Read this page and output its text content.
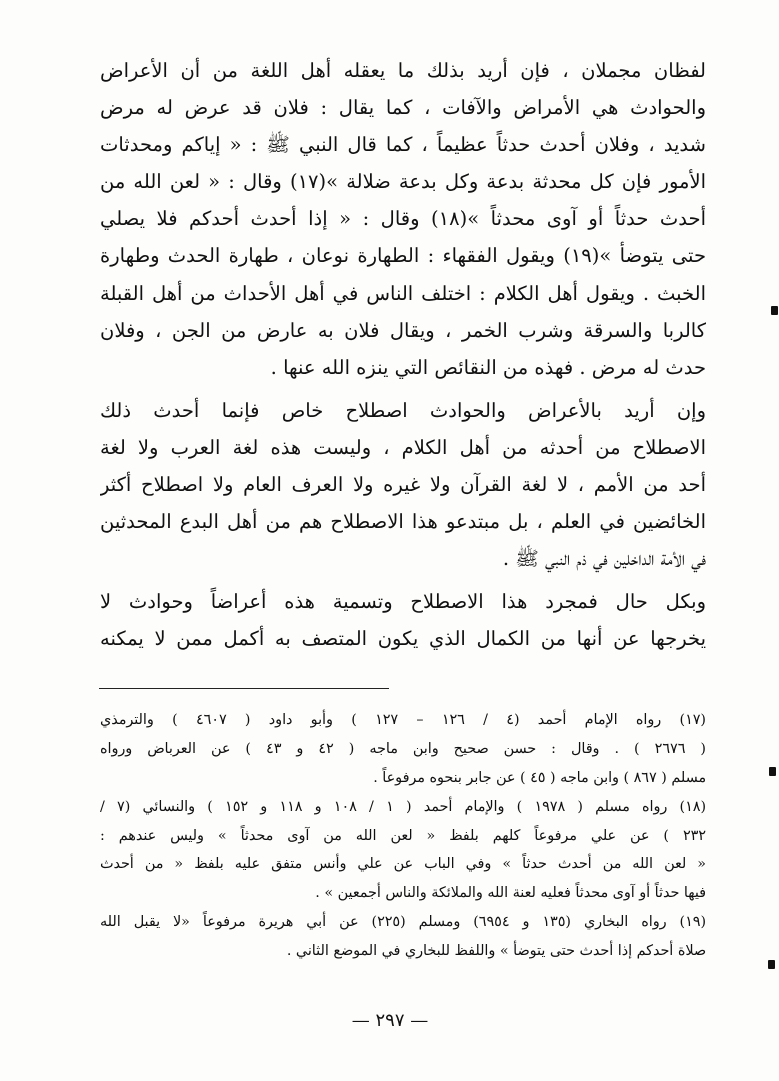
لفظان مجملان ، فإن أريد بذلك ما يعقله أهل اللغة من أن الأعراض
والحوادث هي الأمراض والآفات ، كما يقال : فلان قد عرض له مرض
شديد ، وفلان أحدث حدثاً عظيماً ، كما قال النبي ﷺ : « إياكم ومحدثات
الأمور فإن كل محدثة بدعة وكل بدعة ضلالة »(١٧) وقال : « لعن الله من
أحدث حدثاً أو آوى محدثاً »(١٨) وقال : « إذا أحدث أحدكم فلا يصلي
حتى يتوضأ »(١٩) ويقول الفقهاء : الطهارة نوعان ، طهارة الحدث وطهارة
الخبث . ويقول أهل الكلام : اختلف الناس في أهل الأحداث من أهل القبلة
كالربا والسرقة وشرب الخمر ، ويقال فلان به عارض من الجن ، وفلان
حدث له مرض . فهذه من النقائص التي ينزه الله عنها .
وإن أريد بالأعراض والحوادث اصطلاح خاص فإنما أحدث ذلك
الاصطلاح من أحدثه من أهل الكلام ، وليست هذه لغة العرب ولا لغة
أحد من الأمم ، لا لغة القرآن ولا غيره ولا العرف العام ولا اصطلاح أكثر
الخائضين في العلم ، بل مبتدعو هذا الاصطلاح هم من أهل البدع المحدثين
في الأمة الداخلين في ذم النبي ﷺ .
وبكل حال فمجرد هذا الاصطلاح وتسمية هذه أعراضاً وحوادث لا
يخرجها عن أنها من الكمال الذي يكون المتصف به أكمل ممن لا يمكنه
(١٧) رواه الإمام أحمد (٤ / ١٢٦ – ١٢٧ ) وأبو داود ( ٤٦٠٧ ) والترمذي
( ٢٦٧٦ ) . وقال : حسن صحيح وابن ماجه ( ٤٢ و ٤٣ ) عن العرباض ورواه
مسلم ( ٨٦٧ ) وابن ماجه ( ٤٥ ) عن جابر بنحوه مرفوعاً .
(١٨) رواه مسلم ( ١٩٧٨ ) والإمام أحمد ( ١ / ١٠٨ و ١١٨ و ١٥٢ ) والنسائي (٧ /
٢٣٢ ) عن علي مرفوعاً كلهم بلفظ « لعن الله من آوى محدثاً » وليس عندهم :
« لعن الله من أحدث حدثاً » وفي الباب عن علي وأنس متفق عليه بلفظ « من أحدث
فيها حدثاً أو آوى محدثاً فعليه لعنة الله والملائكة والناس أجمعين » .
(١٩) رواه البخاري (١٣٥ و ٦٩٥٤) ومسلم (٢٢٥) عن أبي هريرة مرفوعاً «لا يقبل الله
صلاة أحدكم إذا أحدث حتى يتوضأ » واللفظ للبخاري في الموضع الثاني .
— ٢٩٧ —
